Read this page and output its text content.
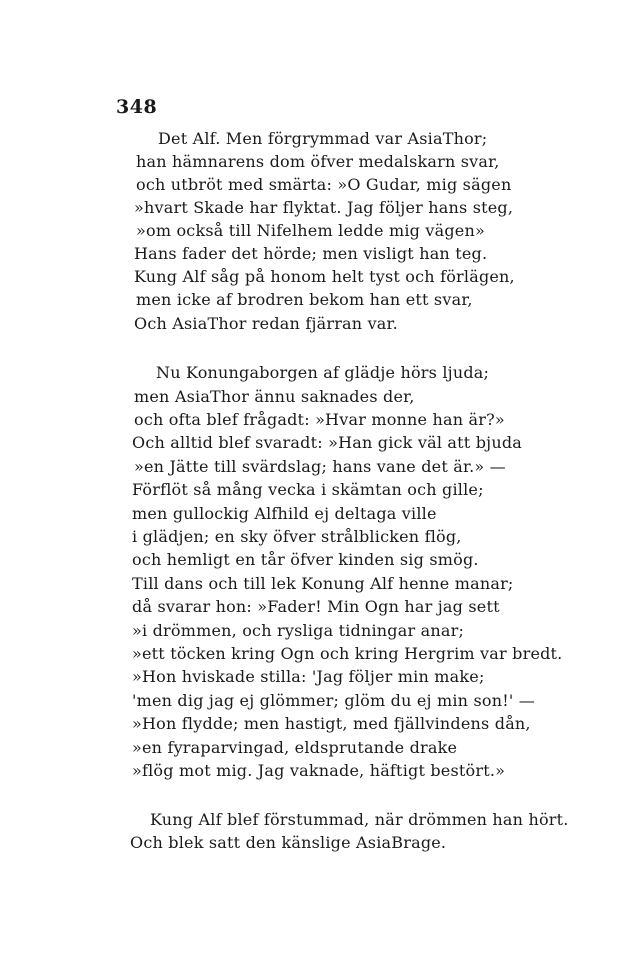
348
Det Alf. Men förgrymmad var AsiaThor;
han hämnarens dom öfver medalskarn svar,
och utbröt med smärta: »O Gudar, mig sägen
»hvart Skade har flyktat. Jag följer hans steg,
»om också till Nifelhem ledde mig vägen»
Hans fader det hörde; men visligt han teg.
Kung Alf såg på honom helt tyst och förlägen,
men icke af brodren bekom han ett svar,
Och AsiaThor redan fjärran var.
Nu Konungaborgen af glädje hörs ljuda;
men AsiaThor ännu saknades der,
och ofta blef frågadt: »Hvar monne han är?»
Och alltid blef svaradt: »Han gick väl att bjuda
»en Jätte till svärdslag; hans vane det är.» —
Förflöt så mång vecka i skämtan och gille;
men gullockig Alfhild ej deltaga ville
i glädjen; en sky öfver strålblicken flög,
och hemligt en tår öfver kinden sig smög.
Till dans och till lek Konung Alf henne manar;
då svarar hon: »Fader! Min Ogn har jag sett
»i drömmen, och rysliga tidningar anar;
»ett töcken kring Ogn och kring Hergrim var bredt.
»Hon hviskade stilla: 'Jag följer min make;
'men dig jag ej glömmer; glöm du ej min son!' —
»Hon flydde; men hastigt, med fjällvindens dån,
»en fyraparvingad, eldsprutande drake
»flög mot mig. Jag vaknade, häftigt bestört.»
Kung Alf blef förstummad, när drömmen han hört.
Och blek satt den känslige AsiaBrage.
